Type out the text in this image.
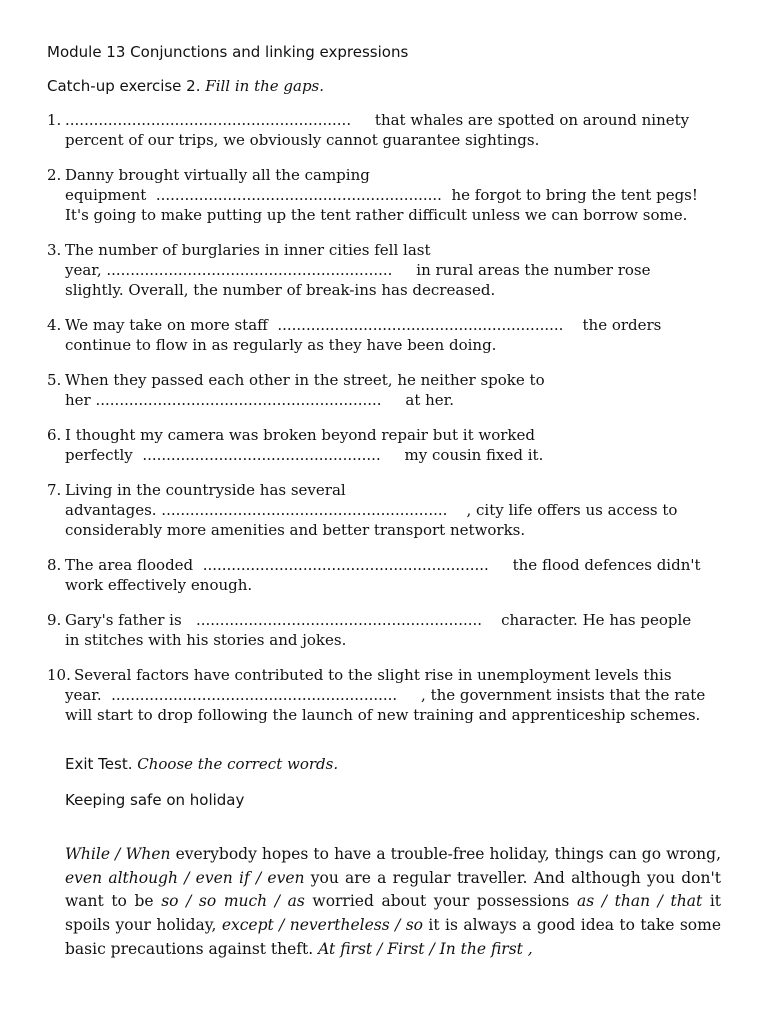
Module 13 Conjunctions and linking expressions
Catch-up exercise 2. Fill in the gaps.
1. ............................................................     that whales are spotted on around ninety
percent of our trips, we obviously cannot guarantee sightings.
2. Danny brought virtually all the camping
equipment  ............................................................  he forgot to bring the tent pegs!
It's going to make putting up the tent rather difficult unless we can borrow some.
3. The number of burglaries in inner cities fell last
year, ............................................................     in rural areas the number rose
slightly. Overall, the number of break-ins has decreased.
4. We may take on more staff  ............................................................    the orders
continue to flow in as regularly as they have been doing.
5. When they passed each other in the street, he neither spoke to
her ............................................................     at her.
6. I thought my camera was broken beyond repair but it worked
perfectly  ..................................................     my cousin fixed it.
7. Living in the countryside has several
advantages. ............................................................    , city life offers us access to
considerably more amenities and better transport networks.
8. The area flooded  ............................................................     the flood defences didn't
work effectively enough.
9. Gary's father is   ............................................................    character. He has people
in stitches with his stories and jokes.
10. Several factors have contributed to the slight rise in unemployment levels this
year.  ............................................................     , the government insists that the rate
will start to drop following the launch of new training and apprenticeship schemes.
Exit Test. Choose the correct words.
Keeping safe on holiday
While / When everybody hopes to have a trouble-free holiday, things can go wrong, even although / even if / even you are a regular traveller. And although you don't want to be so / so much / as worried about your possessions as / than / that it spoils your holiday, except / nevertheless / so it is always a good idea to take some basic precautions against theft. At first / First / In the first ,
